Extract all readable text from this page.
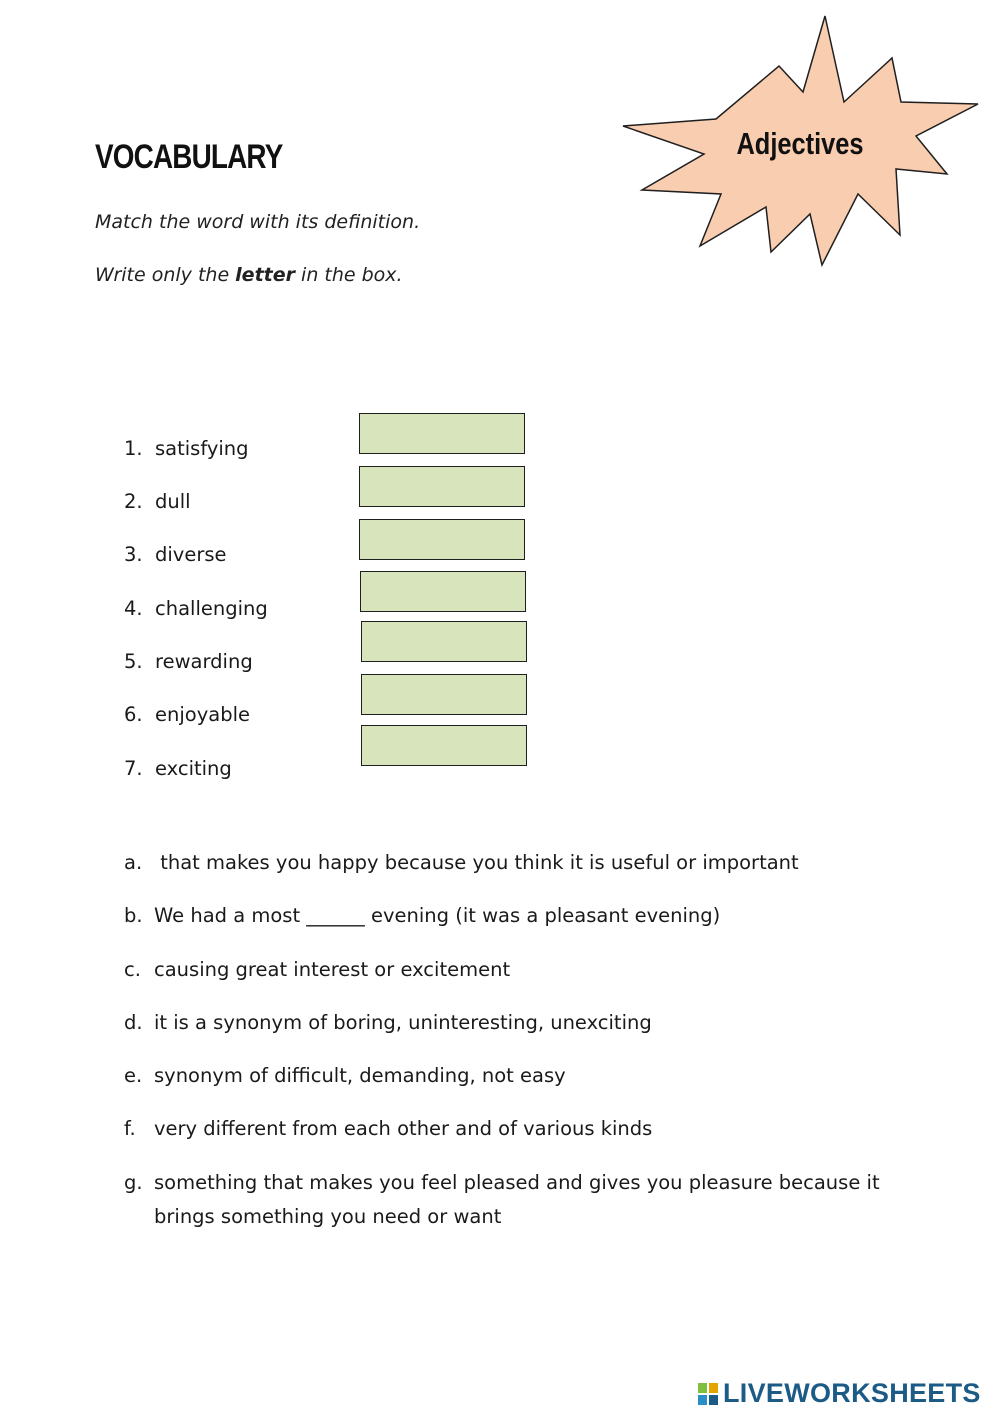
VOCABULARY
Match the word with its definition.
Write only the letter in the box.
Adjectives
1. satisfying
2. dull
3. diverse
4. challenging
5. rewarding
6. enjoyable
7. exciting
a. that makes you happy because you think it is useful or important
b. We had a most ______ evening (it was a pleasant evening)
c. causing great interest or excitement
d. it is a synonym of boring, uninteresting, unexciting
e. synonym of difficult, demanding, not easy
f. very different from each other and of various kinds
g. something that makes you feel pleased and gives you pleasure because it brings something you need or want
LIVEWORKSHEETS
